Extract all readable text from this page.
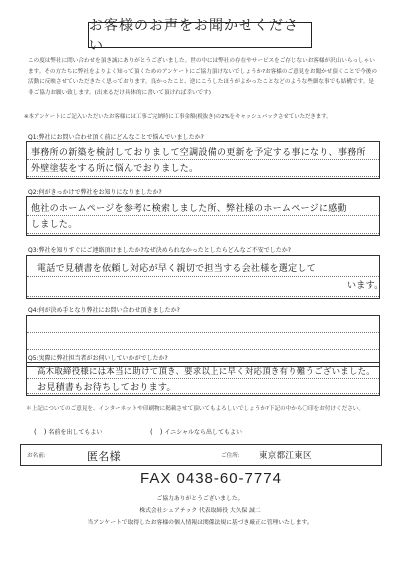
お客様のお声をお聞かせください
この度は弊社に問い合わせを頂き誠にありがとうございました。世の中には弊社の存在やサービスをご存じないお客様が沢山いらっしゃいます。その方たちに弊社をよりよく知って頂くためのアンケートにご協力頂けないでしょうか?お客様のご意見をお聞かせ頂くことで今後の活動に反映させていただきたく思っております。良かったこと、逆にこうしたほうがよかったことなどのような些細な事でも結構です。是非ご協力お願い致します。(出来るだけ具体的に書いて頂ければ幸いです)
※本アンケートにご記入いただいたお客様には工事ご完納時に工事金額(税抜き)の2%をキャッシュバックさせていただきます。
Q1:弊社にお問い合わせ頂く前にどんなことで悩んでいましたか?
事務所の新築を検討しておりまして空調設備の更新を予定する事になり、事務所
外壁塗装をする所に悩んでおりました。
Q2:何がきっかけで弊社をお知りになりましたか?
他社のホームページを参考に検索しました所、弊社様のホームページに感動
しました。
Q3:弊社を知りすぐにご連絡頂けましたか?なぜ決められなかったとしたらどんなご不安でしたか?
電話で見積書を依頼し対応が早く親切で担当する会社様を選定して
います。
Q4:何が決め手となり弊社にお問い合わせ頂きましたか?
Q5:実際に弊社担当者がお伺いしていかがでしたか?
高木取締役様には本当に助けて頂き、要求以上に早く対応頂き有り難うございました。
お見積書もお待ちしております。
＊上記についてのご意見を、インターネットや印刷物に掲載させて頂いてもよろしいでしょうか?下記の中から〇印をお付けください。
(　) 名前を出してもよい	(　) イニシャルなら出してもよい
お名前:	匿名様	ご住所: 東京都江東区
FAX 0438-60-7774
ご協力ありがとうございました。
株式会社シェアテック 代表取締役 大久保 誠二
当アンケートで取得したお客様の個人情報は関係法規に基づき厳正に管理いたします。
